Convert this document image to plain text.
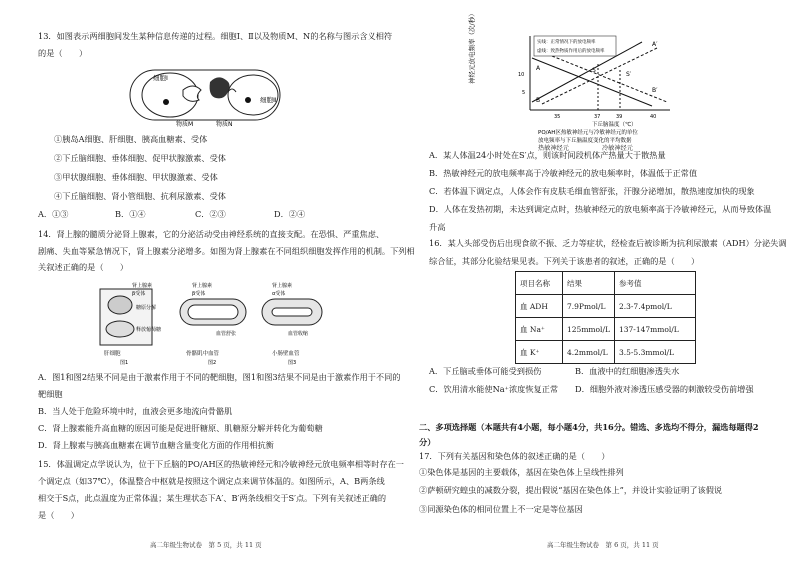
13．如图表示两细胞间发生某种信息传递的过程。细胞Ⅰ、Ⅱ以及物质M、N的名称与图示含义相符
的是（　　）
细胞Ⅰ
细胞Ⅱ
物质M	物质N
①胰岛A细胞、肝细胞、胰高血糖素、受体
②下丘脑细胞、垂体细胞、促甲状腺激素、受体
③甲状腺细胞、垂体细胞、甲状腺激素、受体
④下丘脑细胞、肾小管细胞、抗利尿激素、受体
A．①③	B．①④	C．②③	D．②④
14．肾上腺的髓质分泌肾上腺素，它的分泌活动受由神经系统的直接支配。在恐惧、严重焦虑、
剧痛、失血等紧急情况下，肾上腺素分泌增多。如图为肾上腺素在不同组织细胞发挥作用的机制。下列相
关叙述正确的是（　　）
肾上腺素
β受体
糖原分解
释放葡萄糖
肝细胞
图1
肾上腺素
β受体
血管舒张
骨骼肌中血管
图2
肾上腺素
α受体
血管收缩
小肠壁血管
图3
A．图1和图2结果不同是由于激素作用于不同的靶细胞，图1和图3结果不同是由于激素作用于不同的
靶细胞
B．当人处于危险环境中时，血液会更多地流向骨骼肌
C．肾上腺素能升高血糖的原因可能是促进肝糖原、肌糖原分解并转化为葡萄糖
D．肾上腺素与胰高血糖素在调节血糖含量变化方面的作用相抗衡
15．体温调定点学说认为，位于下丘脑的PO/AH区的热敏神经元和冷敏神经元放电频率相等时存在一
个调定点（如37℃），体温整合中枢就是按照这个调定点来调节体温的。如图所示，A、B两条线
相交于S点，此点温度为正常体温；某生理状态下A′、B′两条线相交于S′点。下列有关叙述正确的
是（　　）
高二年级生物试卷　第 5 页，共 11 页
神经元放电频率（次/秒）	10
5
A
B
S
S′
A′
B′
实线：正常情况下的放电频率
虚线：致热物质作用后的放电频率
35	37	39	40
下丘脑温度（℃）
PO/AH区热敏神经元与冷敏神经元的单位
放电频率与下丘脑温度变化的平均数据
热敏神经元	冷敏神经元
A．某人体温24小时处在S′点，则该时间段机体产热量大于散热量
B．热敏神经元的放电频率高于冷敏神经元的放电频率时，体温低于正常值
C．若体温下调定点，人体会作有皮肤毛细血管舒张，汗腺分泌增加，散热速度加快的现象
D．人体在发热初期，未达到调定点时，热敏神经元的放电频率高于冷敏神经元，从而导致体温
升高
16．某人头部受伤后出现食欲不振、乏力等症状，经检查后被诊断为抗利尿激素（ADH）分泌失调
综合征，其部分化验结果见表。下列关于该患者的叙述，正确的是（　　）
项目名称	结果	参考值
血 ADH	7.9Pmol/L	2.3-7.4pmol/L
血 Na⁺	125mmol/L	137-147mmol/L
血 K⁺	4.2mmol/L	3.5-5.3mmol/L
A．下丘脑或垂体可能受到损伤	B．血液中的红细胞渗透失水
C．饮用清水能使Na⁺浓度恢复正常 D．细胞外液对渗透压感受器的刺激较受伤前增强
二、多项选择题（本题共有4小题，每小题4分，共16分。错选、多选均不得分，漏选每题得2
分）
17．下列有关基因和染色体的叙述正确的是（　　）
①染色体是基因的主要载体，基因在染色体上呈线性排列
②萨顿研究蝗虫的减数分裂，提出假说“基因在染色体上”，并设计实验证明了该假说
③同源染色体的相同位置上不一定是等位基因
高二年级生物试卷　第 6 页，共 11 页
